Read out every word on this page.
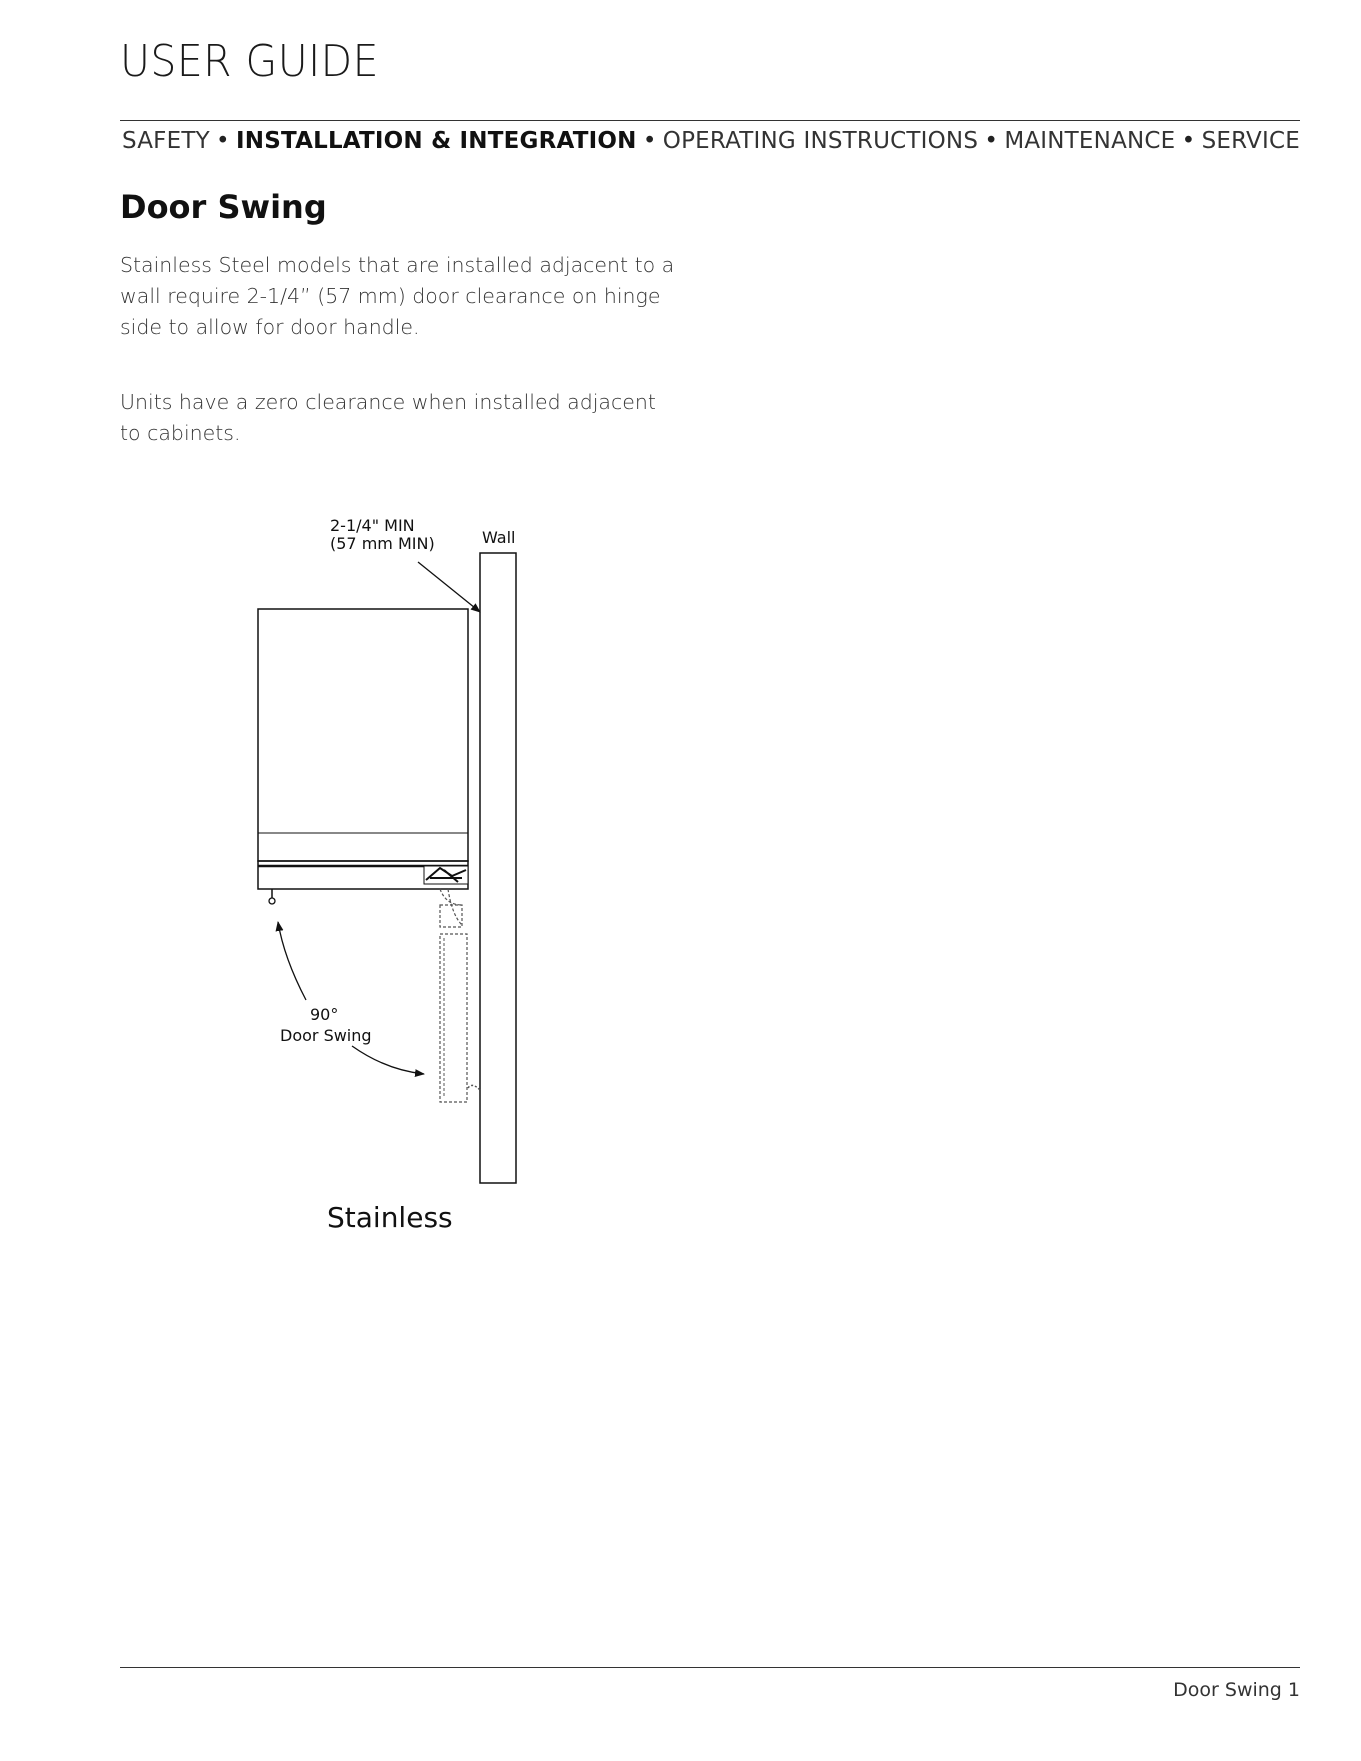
USER GUIDE
SAFETY • INSTALLATION & INTEGRATION • OPERATING INSTRUCTIONS • MAINTENANCE • SERVICE
Door Swing

Stainless Steel models that are installed adjacent to a wall require 2-1/4” (57 mm) door clearance on hinge side to allow for door handle.

Units have a zero clearance when installed adjacent to cabinets.

2-1/4" MIN
(57 mm MIN)	Wall
90°
Door Swing
Stainless
Door Swing 1
